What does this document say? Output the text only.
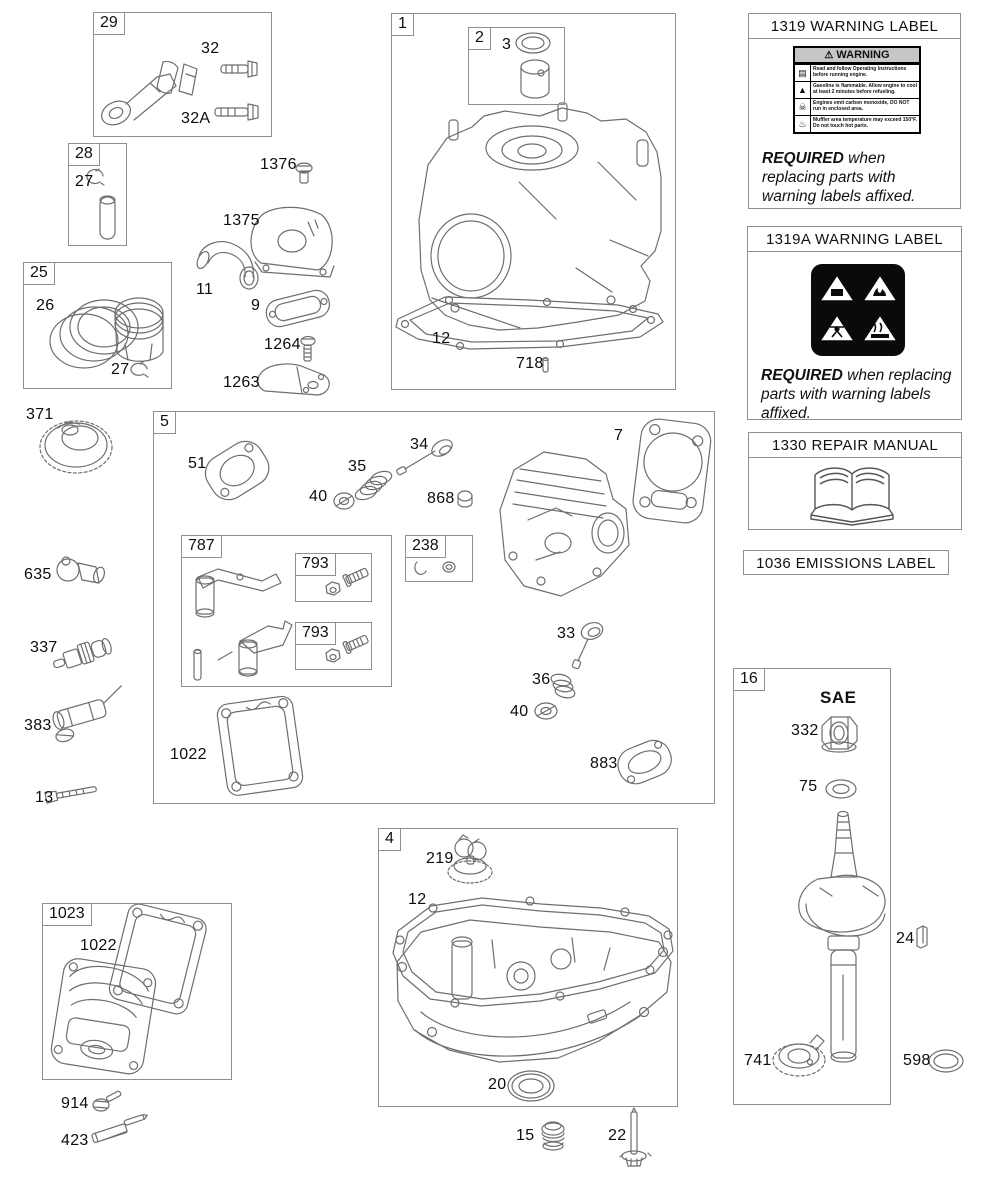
29
28
25
1
2
5
787
793
793
238
4
16
1023
SAE
32
32A
27
26
27
1376
1375
11
9
1264
1263
3
12
718
51
40
35
34
868
7
33
36
40
1022
883
371
635
337
383
13
219
12
20
332
75
741
24
598
1022
914
423	15	22
1319 WARNING LABEL
⚠ WARNING
▤	Read and follow Operating Instructions before running engine.
▲	Gasoline is flammable. Allow engine to cool at least 2 minutes before refueling.
☠	Engines emit carbon monoxide, DO NOT run in enclosed area.
♨	Muffler area temperature may exceed 150°F. Do not touch hot parts.
REQUIRED when replacing parts with warning labels affixed.
1319A WARNING LABEL
REQUIRED when replacing parts with warning labels affixed.
1330 REPAIR MANUAL
1036 EMISSIONS LABEL
